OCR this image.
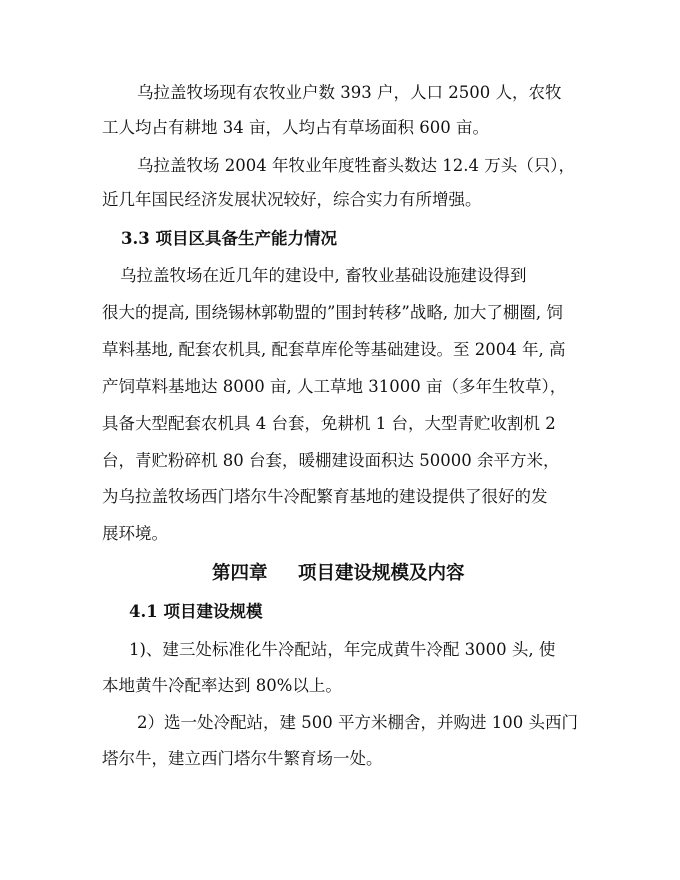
乌拉盖牧场现有农牧业户数 393 户，人口 2500 人，农牧
工人均占有耕地 34 亩，人均占有草场面积 600 亩。
乌拉盖牧场 2004 年牧业年度牲畜头数达 12.4 万头（只），
近几年国民经济发展状况较好，综合实力有所增强。
3.3 项目区具备生产能力情况
乌拉盖牧场在近几年的建设中, 畜牧业基础设施建设得到
很大的提高, 围绕锡林郭勒盟的”围封转移”战略, 加大了棚圈, 饲
草料基地, 配套农机具, 配套草库伦等基础建设。至 2004 年, 高
产饲草料基地达 8000 亩, 人工草地 31000 亩（多年生牧草），
具备大型配套农机具 4 台套，免耕机 1 台，大型青贮收割机 2
台，青贮粉碎机 80 台套，暖棚建设面积达 50000 余平方米，
为乌拉盖牧场西门塔尔牛冷配繁育基地的建设提供了很好的发
展环境。
第四章 项目建设规模及内容
4.1 项目建设规模
1)、建三处标准化牛冷配站，年完成黄牛冷配 3000 头, 使
本地黄牛冷配率达到 80%以上。
2）选一处冷配站，建 500 平方米棚舍，并购进 100 头西门
塔尔牛，建立西门塔尔牛繁育场一处。
